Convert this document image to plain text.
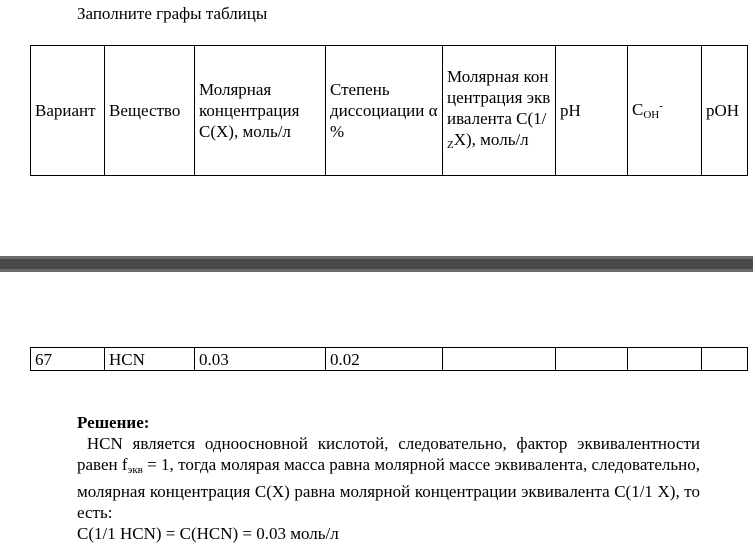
Заполните графы таблицы
Вариант	Вещество	Молярная концентрация С(Х), моль/л	Степень диссоциации α %	Молярная концентрация эквивалента $С(1/_ZХ)$, моль/л	pH	$C_{OH}^-$	pOH
67	HCN	0.03	0.02				

Решение:

HCN является одноосновной кислотой, следовательно, фактор эквивалентности равен $f_{экв} = 1$, тогда молярая масса равна молярной массе эквивалента, следовательно, молярная концентрация С(Х) равна молярной концентрации эквивалента С(1/1 Х), то есть:

С(1/1 HCN) = С(HCN) = 0.03 моль/л
